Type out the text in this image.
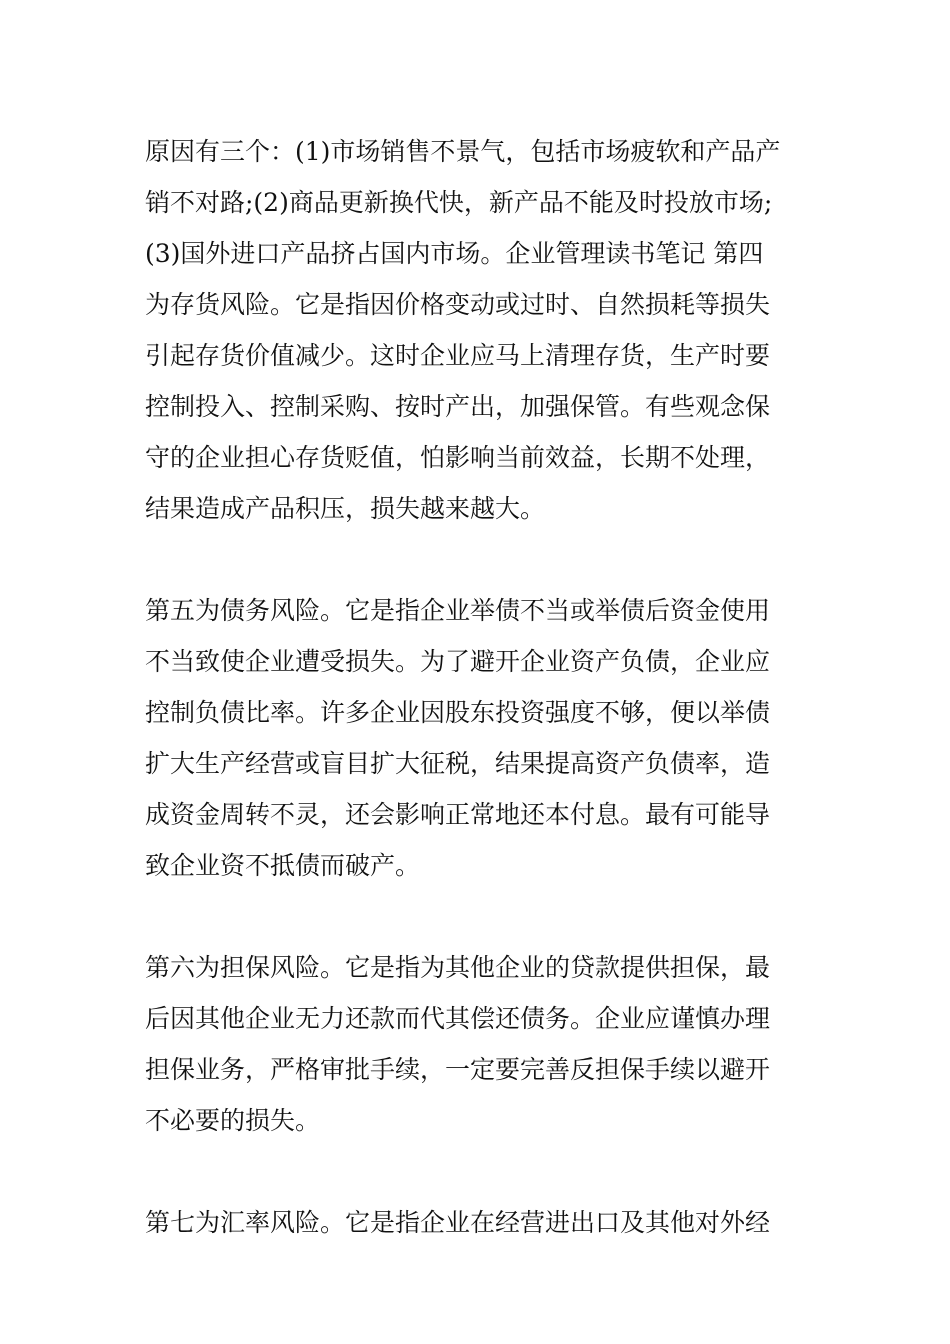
原因有三个：(1)市场销售不景气，包括市场疲软和产品产
销不对路;(2)商品更新换代快，新产品不能及时投放市场;
(3)国外进口产品挤占国内市场。企业管理读书笔记 第四
为存货风险。它是指因价格变动或过时、自然损耗等损失
引起存货价值减少。这时企业应马上清理存货，生产时要
控制投入、控制采购、按时产出，加强保管。有些观念保
守的企业担心存货贬值，怕影响当前效益，长期不处理，
结果造成产品积压，损失越来越大。
第五为债务风险。它是指企业举债不当或举债后资金使用
不当致使企业遭受损失。为了避开企业资产负债，企业应
控制负债比率。许多企业因股东投资强度不够，便以举债
扩大生产经营或盲目扩大征税，结果提高资产负债率，造
成资金周转不灵，还会影响正常地还本付息。最有可能导
致企业资不抵债而破产。
第六为担保风险。它是指为其他企业的贷款提供担保，最
后因其他企业无力还款而代其偿还债务。企业应谨慎办理
担保业务，严格审批手续，一定要完善反担保手续以避开
不必要的损失。
第七为汇率风险。它是指企业在经营进出口及其他对外经
